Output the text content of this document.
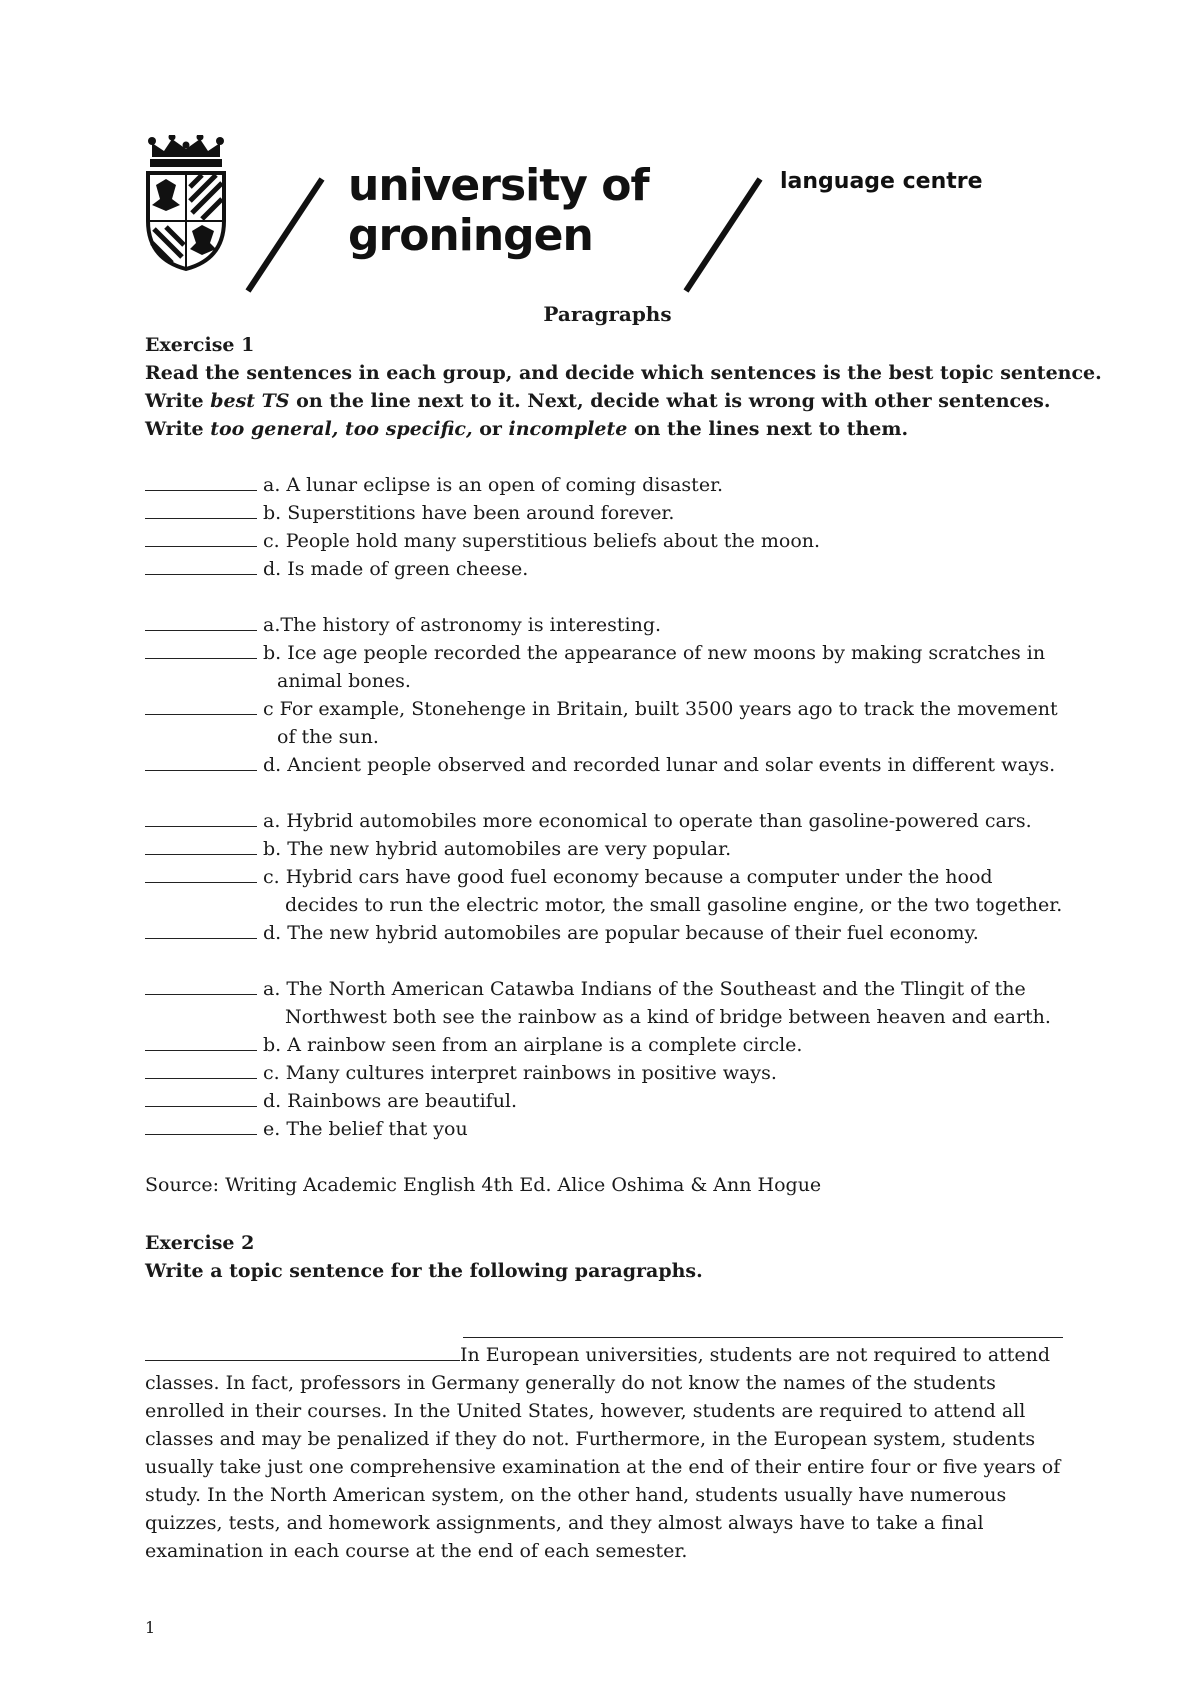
university of
groningen
language centre
Paragraphs
Exercise 1
Read the sentences in each group, and decide which sentences is the best topic sentence.
Write best TS on the line next to it. Next, decide what is wrong with other sentences.
Write too general, too specific, or incomplete on the lines next to them.
a. A lunar eclipse is an open of coming disaster.
b. Superstitions have been around forever.
c. People hold many superstitious beliefs about the moon.
d. Is made of green cheese.
a.The history of astronomy is interesting.
b. Ice age people recorded the appearance of new moons by making scratches in
animal bones.
c For example, Stonehenge in Britain, built 3500 years ago to track the movement
of the sun.
d. Ancient people observed and recorded lunar and solar events in different ways.
a. Hybrid automobiles more economical to operate than gasoline-powered cars.
b. The new hybrid automobiles are very popular.
c. Hybrid cars have good fuel economy because a computer under the hood
decides to run the electric motor, the small gasoline engine, or the two together.
d. The new hybrid automobiles are popular because of their fuel economy.
a. The North American Catawba Indians of the Southeast and the Tlingit of the
Northwest both see the rainbow as a kind of bridge between heaven and earth.
b. A rainbow seen from an airplane is a complete circle.
c. Many cultures interpret rainbows in positive ways.
d. Rainbows are beautiful.
e. The belief that you
Source: Writing Academic English 4th Ed. Alice Oshima & Ann Hogue
Exercise 2
Write a topic sentence for the following paragraphs.
In European universities, students are not required to attend
classes. In fact, professors in Germany generally do not know the names of the students
enrolled in their courses. In the United States, however, students are required to attend all
classes and may be penalized if they do not. Furthermore, in the European system, students
usually take just one comprehensive examination at the end of their entire four or five years of
study. In the North American system, on the other hand, students usually have numerous
quizzes, tests, and homework assignments, and they almost always have to take a final
examination in each course at the end of each semester.
1
